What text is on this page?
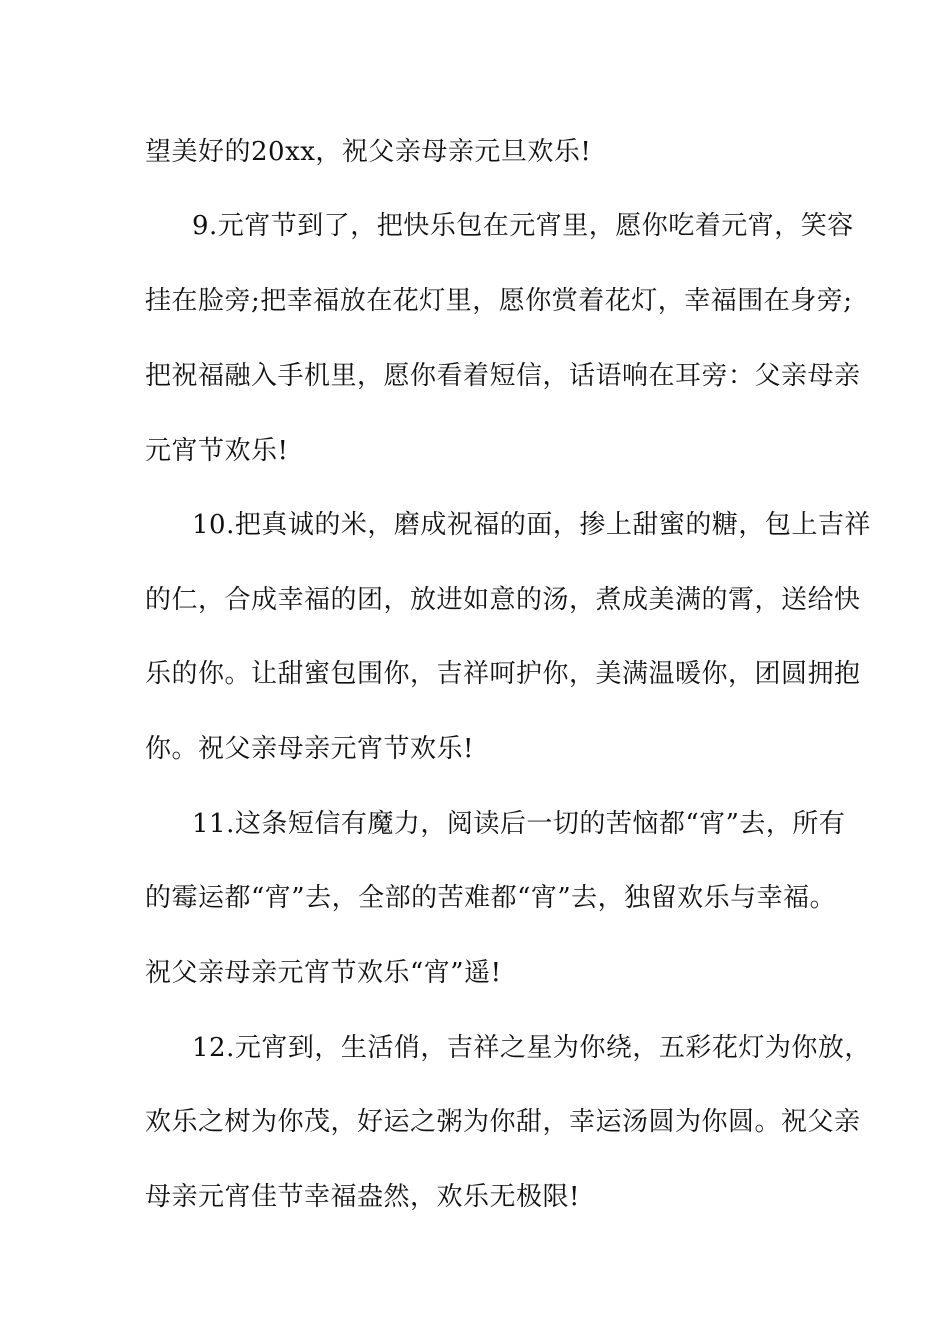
望美好的20xx，祝父亲母亲元旦欢乐!
9.元宵节到了，把快乐包在元宵里，愿你吃着元宵，笑容
挂在脸旁;把幸福放在花灯里，愿你赏着花灯，幸福围在身旁;
把祝福融入手机里，愿你看着短信，话语响在耳旁：父亲母亲
元宵节欢乐!
10.把真诚的米，磨成祝福的面，掺上甜蜜的糖，包上吉祥
的仁，合成幸福的团，放进如意的汤，煮成美满的霄，送给快
乐的你。让甜蜜包围你，吉祥呵护你，美满温暖你，团圆拥抱
你。祝父亲母亲元宵节欢乐!
11.这条短信有魔力，阅读后一切的苦恼都“宵”去，所有
的霉运都“宵”去，全部的苦难都“宵”去，独留欢乐与幸福。
祝父亲母亲元宵节欢乐“宵”遥!
12.元宵到，生活俏，吉祥之星为你绕，五彩花灯为你放，
欢乐之树为你茂，好运之粥为你甜，幸运汤圆为你圆。祝父亲
母亲元宵佳节幸福盎然，欢乐无极限!
